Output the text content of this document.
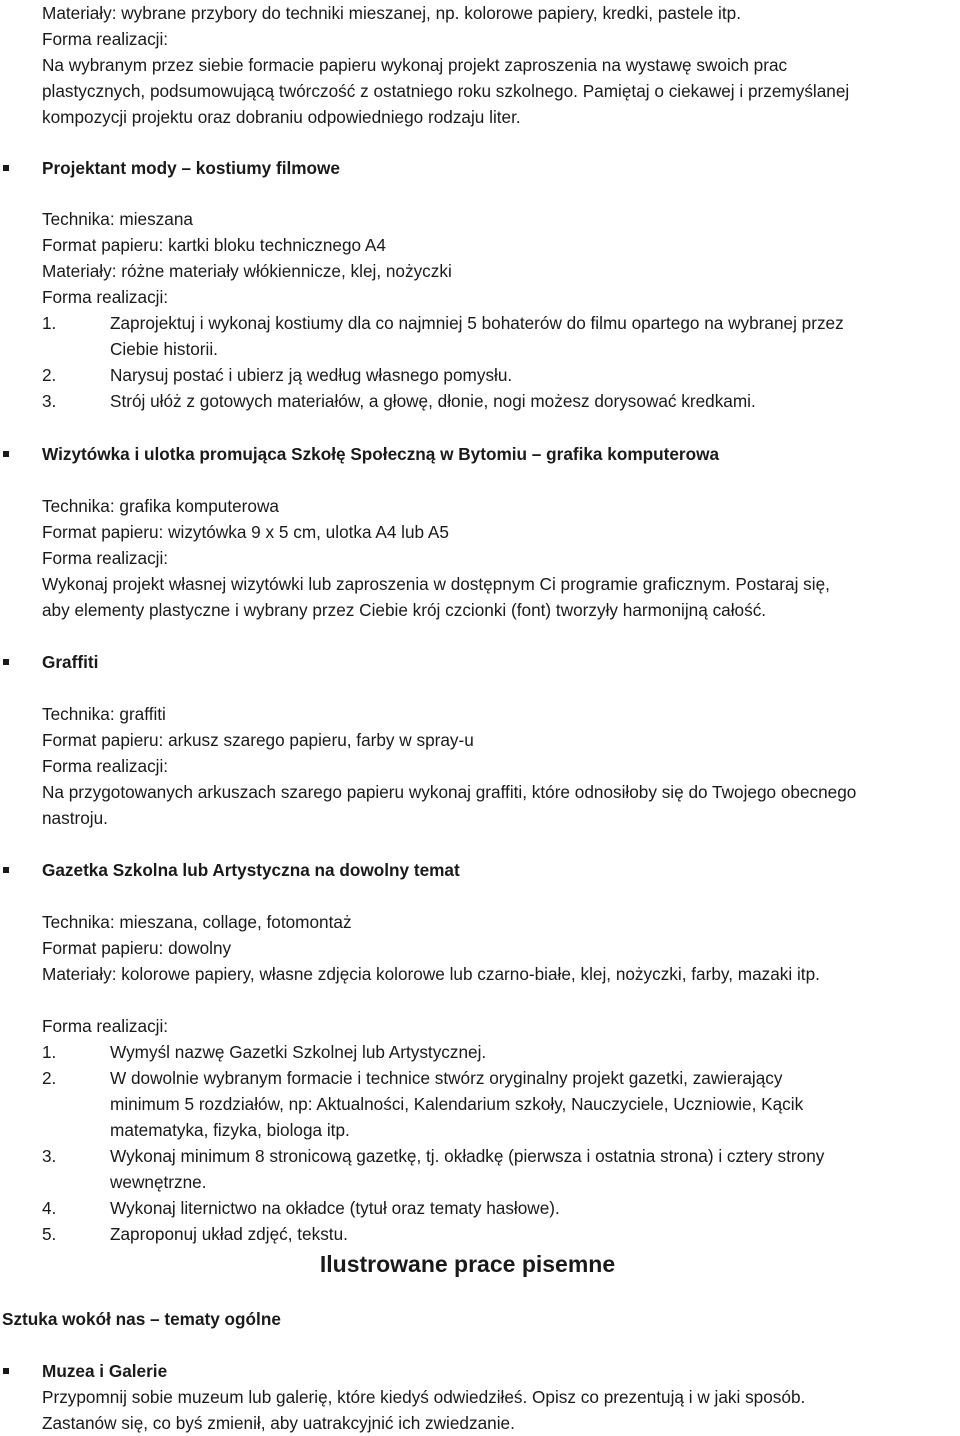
Materiały: wybrane przybory do techniki mieszanej, np. kolorowe papiery, kredki, pastele itp.
Forma realizacji:
Na wybranym przez siebie formacie papieru wykonaj projekt zaproszenia na wystawę swoich prac
plastycznych, podsumowującą twórczość z ostatniego roku szkolnego. Pamiętaj o ciekawej i przemyślanej
kompozycji projektu oraz dobraniu odpowiedniego rodzaju liter.
Projektant mody – kostiumy filmowe
Technika: mieszana
Format papieru: kartki bloku technicznego A4
Materiały: różne materiały włókiennicze, klej, nożyczki
Forma realizacji:
1.	Zaprojektuj i wykonaj kostiumy dla co najmniej 5 bohaterów do filmu opartego na wybranej przez
Ciebie historii.
2.	Narysuj postać i ubierz ją według własnego pomysłu.
3.	Strój ułóż z gotowych materiałów, a głowę, dłonie, nogi możesz dorysować kredkami.
Wizytówka i ulotka promująca Szkołę Społeczną w Bytomiu – grafika komputerowa
Technika: grafika komputerowa
Format papieru: wizytówka 9 x 5 cm, ulotka A4 lub A5
Forma realizacji:
Wykonaj projekt własnej wizytówki lub zaproszenia w dostępnym Ci programie graficznym. Postaraj się,
aby elementy plastyczne i wybrany przez Ciebie krój czcionki (font) tworzyły harmonijną całość.
Graffiti
Technika: graffiti
Format papieru: arkusz szarego papieru, farby w spray-u
Forma realizacji:
Na przygotowanych arkuszach szarego papieru wykonaj graffiti, które odnosiłoby się do Twojego obecnego
nastroju.
Gazetka Szkolna lub Artystyczna na dowolny temat
Technika: mieszana, collage, fotomontaż
Format papieru: dowolny
Materiały: kolorowe papiery, własne zdjęcia kolorowe lub czarno-białe, klej, nożyczki, farby, mazaki itp.
Forma realizacji:
1.	Wymyśl nazwę Gazetki Szkolnej lub Artystycznej.
2.	W dowolnie wybranym formacie i technice stwórz oryginalny projekt gazetki, zawierający
minimum 5 rozdziałów, np: Aktualności, Kalendarium szkoły, Nauczyciele, Uczniowie, Kącik
matematyka, fizyka, biologa itp.
3.	Wykonaj minimum 8 stronicową gazetkę, tj. okładkę (pierwsza i ostatnia strona) i cztery strony
wewnętrzne.
4.	Wykonaj liternictwo na okładce (tytuł oraz tematy hasłowe).
5.	Zaproponuj układ zdjęć, tekstu.
Ilustrowane prace pisemne
Sztuka wokół nas – tematy ogólne
Muzea i Galerie
Przypomnij sobie muzeum lub galerię, które kiedyś odwiedziłeś. Opisz co prezentują i w jaki sposób.
Zastanów się, co byś zmienił, aby uatrakcyjnić ich zwiedzanie.
